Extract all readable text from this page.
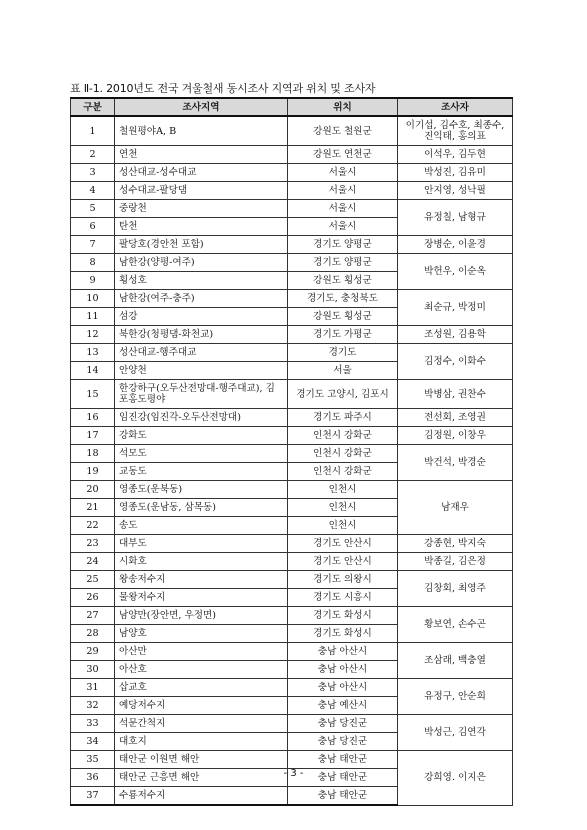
표 Ⅱ-1. 2010년도 전국 겨울철새 동시조사 지역과 위치 및 조사자
구분	조사지역	위치	조사자
1	철원평야A, B	강원도 철원군	이기섭, 김수호, 최종수, 진익태, 홍의표
2	연천	강원도 연천군	이석우, 김두현
3	성산대교-성수대교	서울시	박성진, 김유미
4	성수대교-팔당댐	서울시	안지영, 성낙필
5	중랑천	서울시	유정칠, 남형규
6	탄천	서울시	
7	팔당호(경안천 포함)	경기도 양평군	장병순, 이윤경
8	남한강(양평-여주)	경기도 양평군	박헌우, 이순옥
9	횡성호	강원도 횡성군	
10	남한강(여주-충주)	경기도, 충청북도	최순규, 박정미
11	섬강	강원도 횡성군	
12	북한강(청평댐-화천교)	경기도 가평군	조성원, 김용학
13	성산대교-행주대교	경기도	김정수, 이화수
14	안양천	서울	
15	한강하구(오두산전망대-행주대교), 김포홍도평야	경기도 고양시, 김포시	박병삼, 권찬수
16	임진강(임진각-오두산전망대)	경기도 파주시	전선회, 조영권
17	강화도	인천시 강화군	김정원, 이창우
18	석모도	인천시 강화군	박건석, 박경순
19	교동도	인천시 강화군	
20	영종도(운북동)	인천시	남재우
21	영종도(운남동, 삼목동)	인천시	
22	송도	인천시	
23	대부도	경기도 안산시	강종현, 박지숙
24	시화호	경기도 안산시	박종길, 김은정
25	왕송저수지	경기도 의왕시	김창회, 최영주
26	물왕저수지	경기도 시흥시	
27	남양만(장안면, 우정면)	경기도 화성시	황보연, 손수곤
28	남양호	경기도 화성시	
29	아산만	충남 아산시	조삼래, 백충열
30	아산호	충남 아산시	
31	삽교호	충남 아산시	유정구, 안순희
32	예당저수지	충남 예산시	
33	석문간척지	충남 당진군	박성근, 김연각
34	대호지	충남 당진군	
35	태안군 이원면 해안	충남 태안군	강희영. 이지은
36	태안군 근흥면 해안	충남 태안군	
37	수룡저수지	충남 태안군	
- 3 -
